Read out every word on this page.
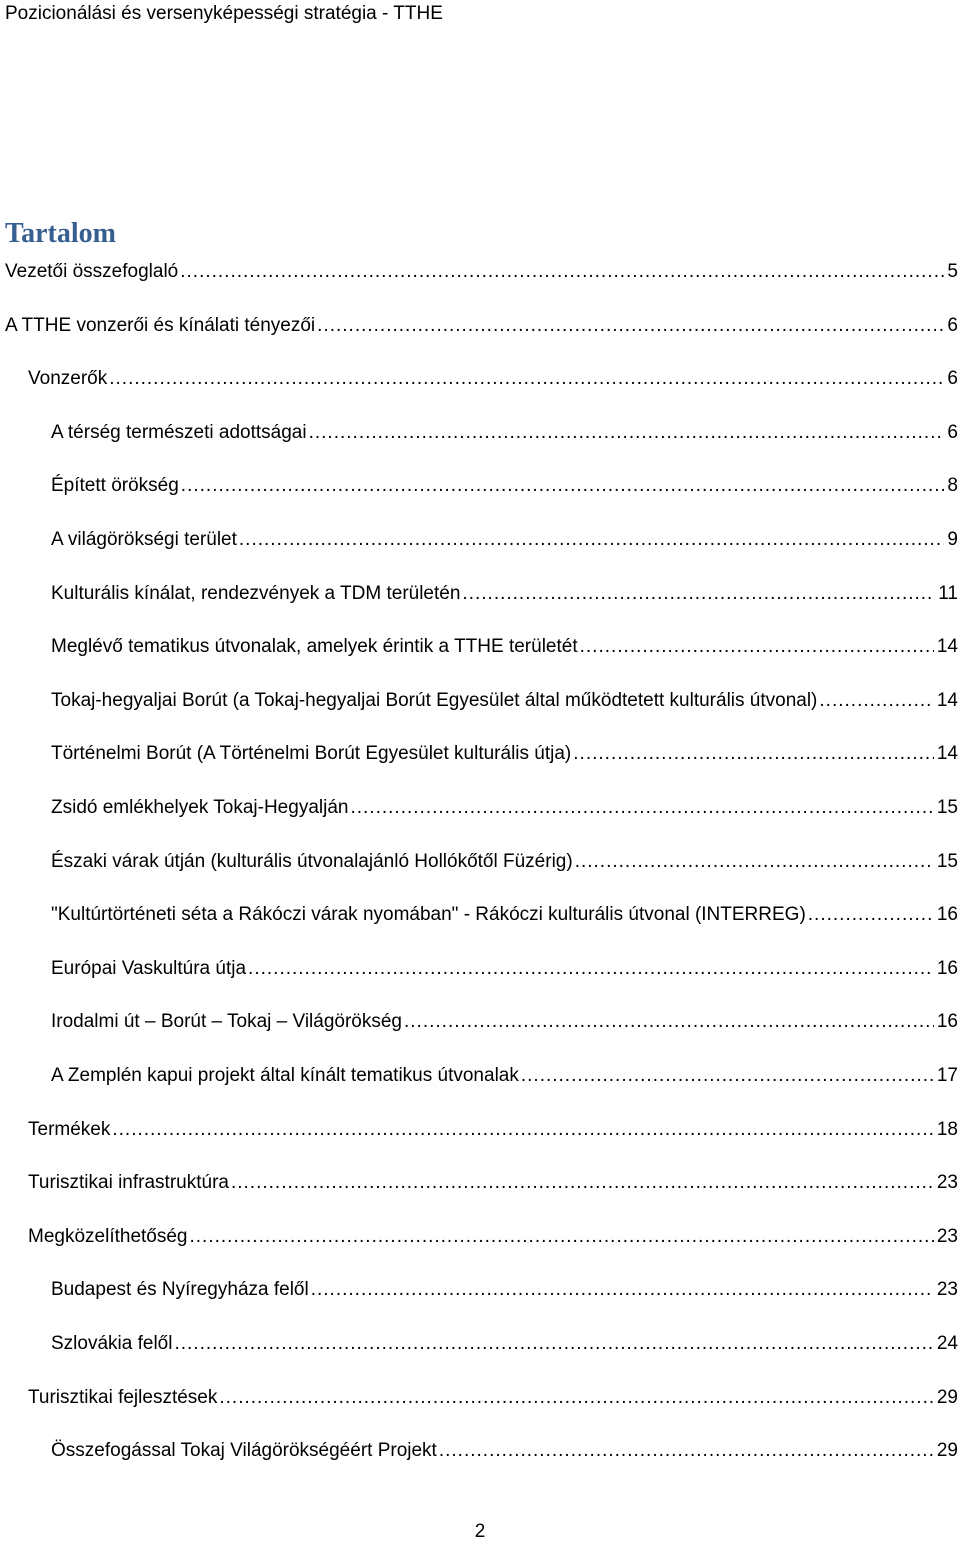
Pozicionálási és versenyképességi stratégia - TTHE
Tartalom
Vezetői összefoglaló .....	5
A TTHE vonzerői és kínálati tényezői .....	6
Vonzerők .....	6
A térség természeti adottságai .....	6
Épített örökség .....	8
A világörökségi terület .....	9
Kulturális kínálat, rendezvények a TDM területén .....	11
Meglévő tematikus útvonalak, amelyek érintik a TTHE területét .....	14
Tokaj-hegyaljai Borút (a Tokaj-hegyaljai Borút Egyesület által működtetett kulturális útvonal) .....	14
Történelmi Borút (A Történelmi Borút Egyesület kulturális útja) .....	14
Zsidó emlékhelyek Tokaj-Hegyalján .....	15
Északi várak útján (kulturális útvonalajánló Hollókőtől Füzérig) .....	15
"Kultúrtörténeti séta a Rákóczi várak nyomában" - Rákóczi kulturális útvonal (INTERREG) .....	16
Európai Vaskultúra útja .....	16
Irodalmi út – Borút – Tokaj – Világörökség .....	16
A Zemplén kapui projekt által kínált tematikus útvonalak .....	17
Termékek .....	18
Turisztikai infrastruktúra .....	23
Megközelíthetőség .....	23
Budapest és Nyíregyháza felől .....	23
Szlovákia felől .....	24
Turisztikai fejlesztések .....	29
Összefogással Tokaj Világörökségéért Projekt .....	29
2
